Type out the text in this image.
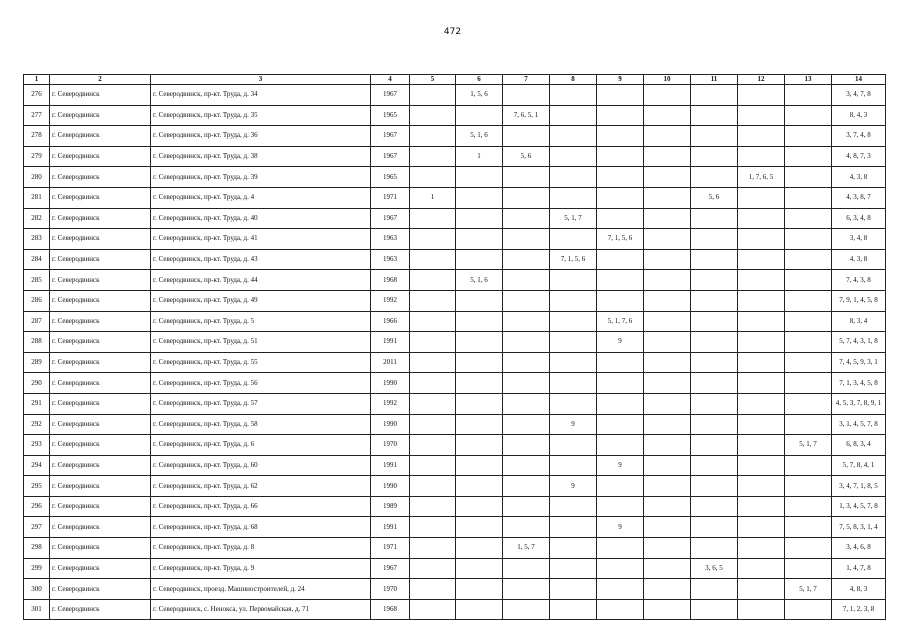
472
1	2	3	4	5	6	7	8	9	10	11	12	13	14
276	г. Северодвинск	г. Северодвинск, пр-кт. Труда, д. 34	1967		1, 5, 6								3, 4, 7, 8
277	г. Северодвинск	г. Северодвинск, пр-кт. Труда, д. 35	1965			7, 6, 5, 1							8, 4, 3
278	г. Северодвинск	г. Северодвинск, пр-кт. Труда, д. 36	1967		5, 1, 6								3, 7, 4, 8
279	г. Северодвинск	г. Северодвинск, пр-кт. Труда, д. 38	1967		1	5, 6							4, 8, 7, 3
280	г. Северодвинск	г. Северодвинск, пр-кт. Труда, д. 39	1965								1, 7, 6, 5		4, 3, 8
281	г. Северодвинск	г. Северодвинск, пр-кт. Труда, д. 4	1971	1						5, 6			4, 3, 8, 7
282	г. Северодвинск	г. Северодвинск, пр-кт. Труда, д. 40	1967				5, 1, 7						6, 3, 4, 8
283	г. Северодвинск	г. Северодвинск, пр-кт. Труда, д. 41	1963					7, 1, 5, 6					3, 4, 8
284	г. Северодвинск	г. Северодвинск, пр-кт. Труда, д. 43	1963				7, 1, 5, 6						4, 3, 8
285	г. Северодвинск	г. Северодвинск, пр-кт. Труда, д. 44	1968		5, 1, 6								7, 4, 3, 8
286	г. Северодвинск	г. Северодвинск, пр-кт. Труда, д. 49	1992										7, 9, 1, 4, 5, 8
287	г. Северодвинск	г. Северодвинск, пр-кт. Труда, д. 5	1966					5, 1, 7, 6					8, 3, 4
288	г. Северодвинск	г. Северодвинск, пр-кт. Труда, д. 51	1991					9					5, 7, 4, 3, 1, 8
289	г. Северодвинск	г. Северодвинск, пр-кт. Труда, д. 55	2011										7, 4, 5, 9, 3, 1
290	г. Северодвинск	г. Северодвинск, пр-кт. Труда, д. 56	1990										7, 1, 3, 4, 5, 8
291	г. Северодвинск	г. Северодвинск, пр-кт. Труда, д. 57	1992										4, 5, 3, 7, 8, 9, 1
292	г. Северодвинск	г. Северодвинск, пр-кт. Труда, д. 58	1990				9						3, 1, 4, 5, 7, 8
293	г. Северодвинск	г. Северодвинск, пр-кт. Труда, д. 6	1970									5, 1, 7	6, 8, 3, 4
294	г. Северодвинск	г. Северодвинск, пр-кт. Труда, д. 60	1991					9					5, 7, 8, 4, 1
295	г. Северодвинск	г. Северодвинск, пр-кт. Труда, д. 62	1990				9						3, 4, 7, 1, 8, 5
296	г. Северодвинск	г. Северодвинск, пр-кт. Труда, д. 66	1989										1, 3, 4, 5, 7, 8
297	г. Северодвинск	г. Северодвинск, пр-кт. Труда, д. 68	1991					9					7, 5, 8, 3, 1, 4
298	г. Северодвинск	г. Северодвинск, пр-кт. Труда, д. 8	1971			1, 5, 7							3, 4, 6, 8
299	г. Северодвинск	г. Северодвинск, пр-кт. Труда, д. 9	1967							3, 6, 5			1, 4, 7, 8
300	г. Северодвинск	г. Северодвинск, проезд. Машиностроителей, д. 24	1970									5, 1, 7	4, 8, 3
301	г. Северодвинск	г. Северодвинск, с. Ненокса, ул. Первомайская, д. 71	1968										7, 1, 2, 3, 8
